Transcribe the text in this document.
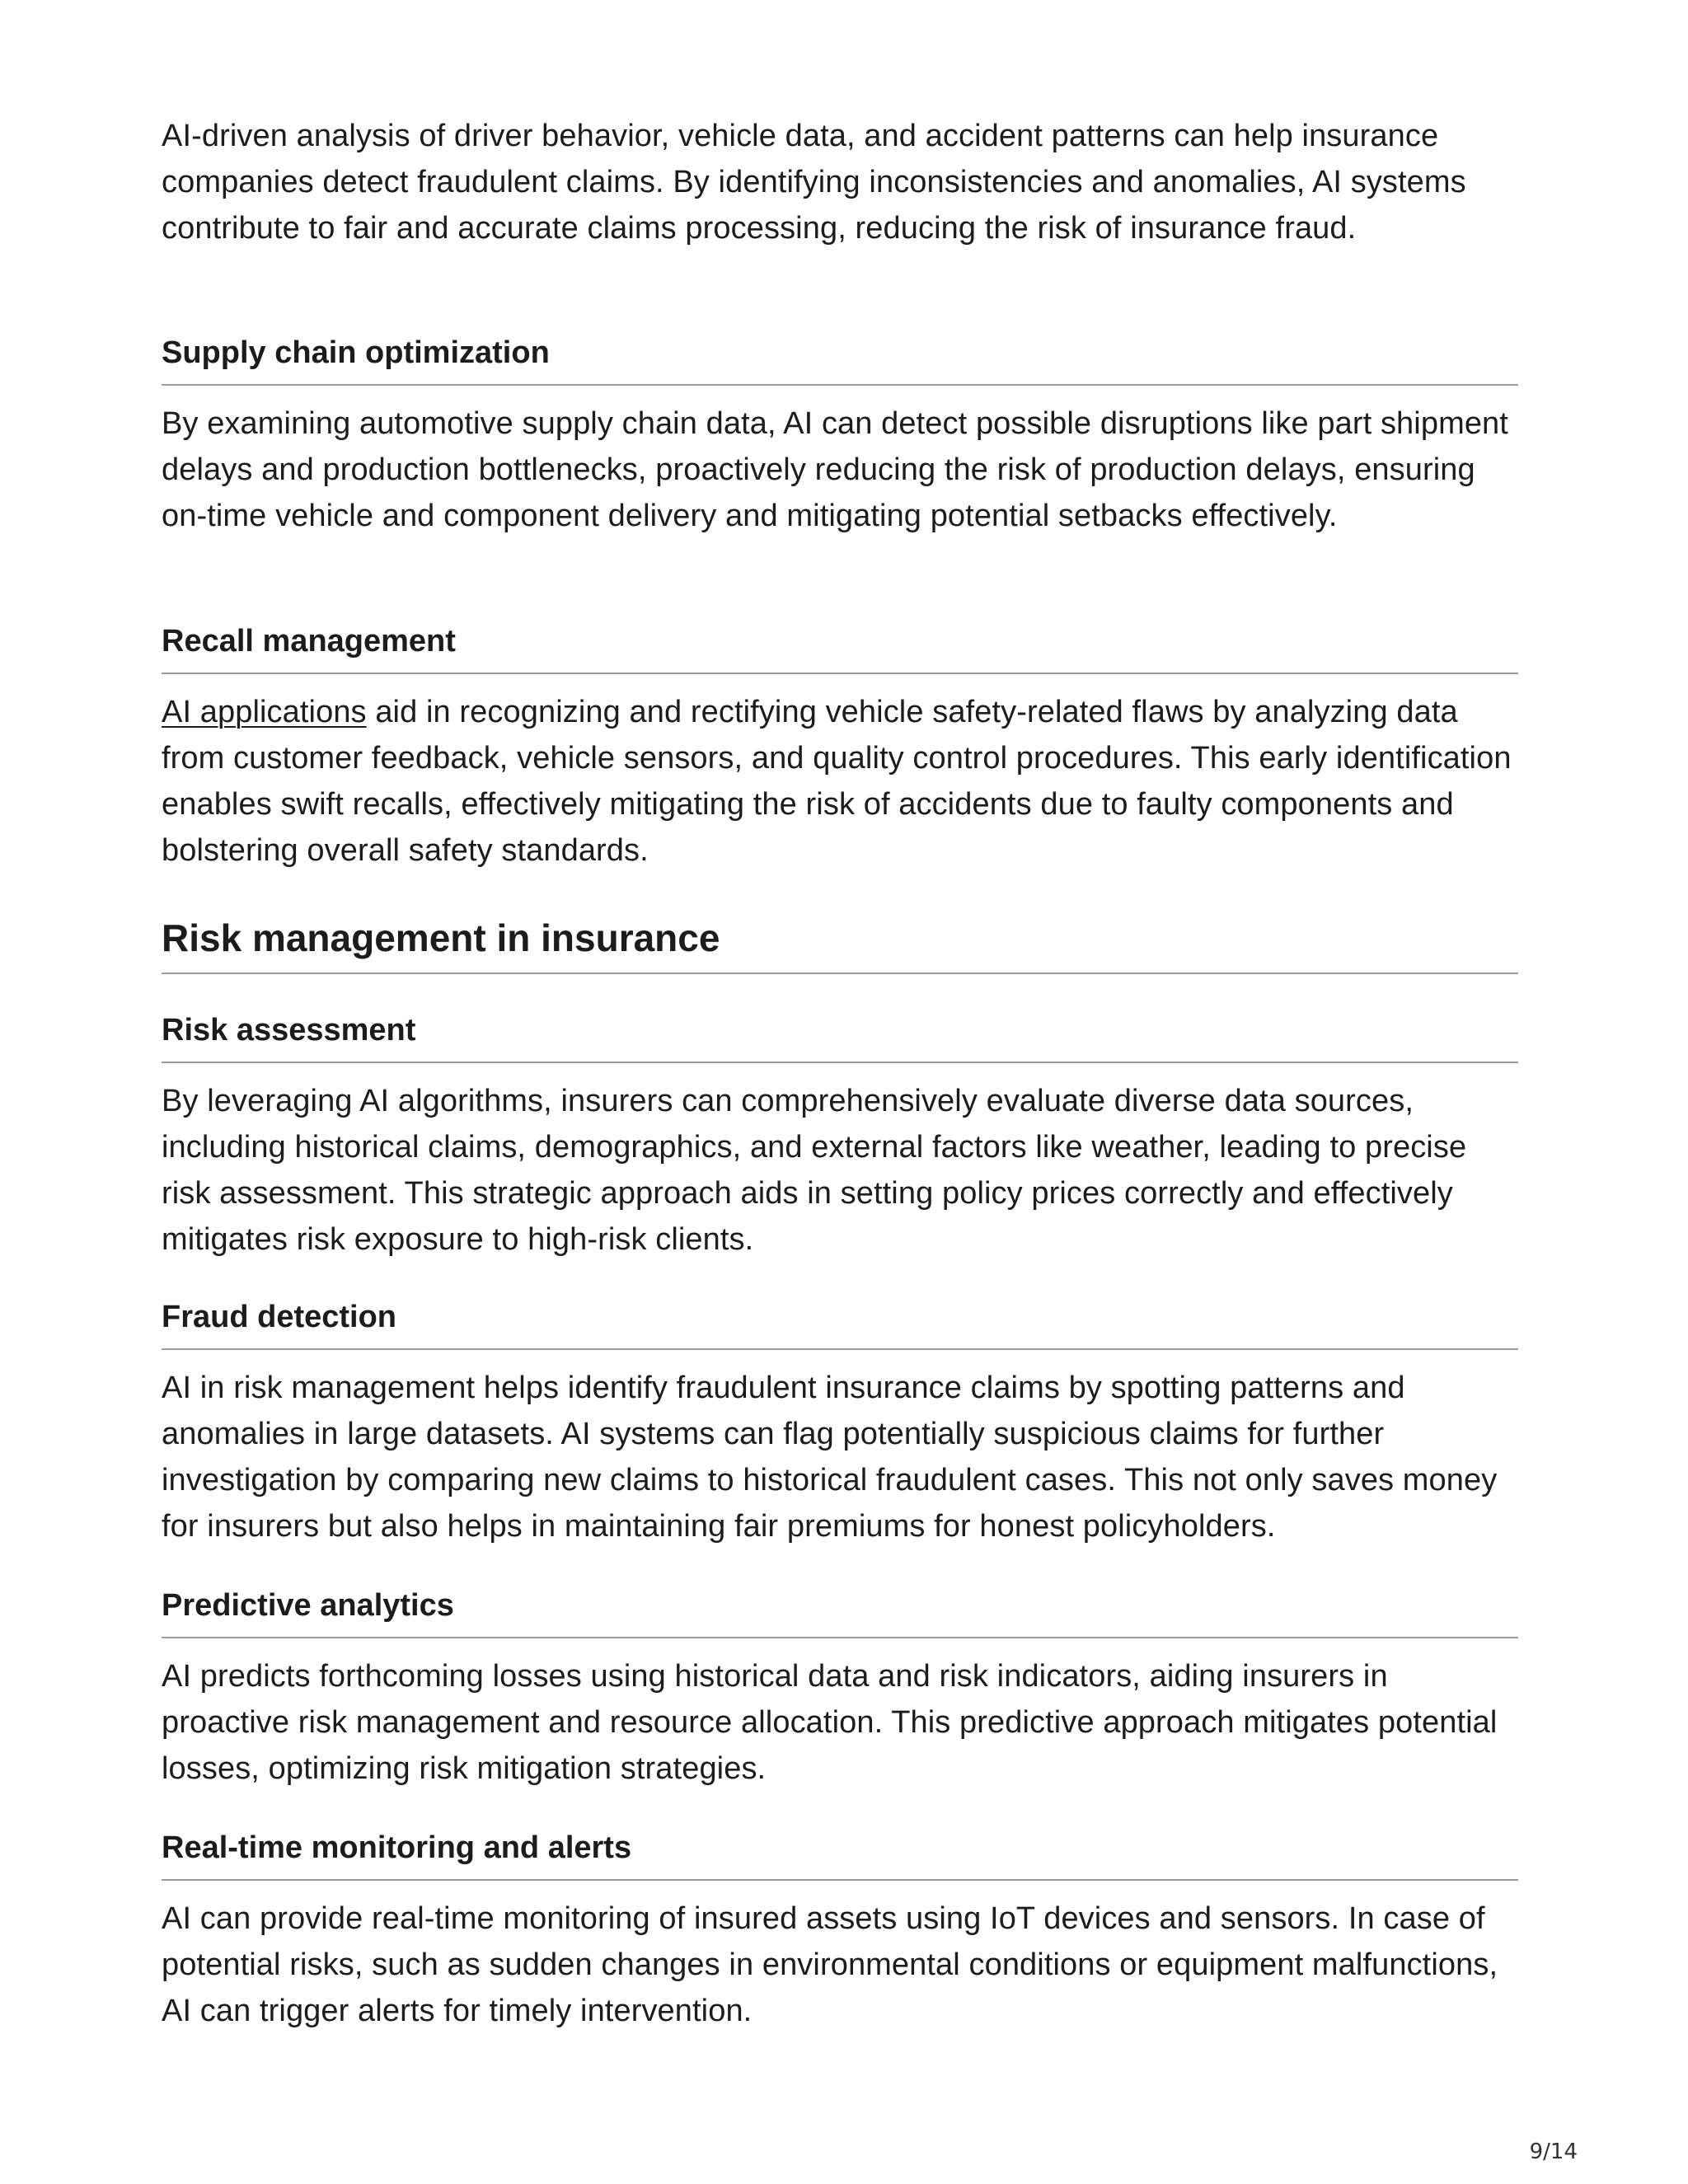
AI-driven analysis of driver behavior, vehicle data, and accident patterns can help insurance companies detect fraudulent claims. By identifying inconsistencies and anomalies, AI systems contribute to fair and accurate claims processing, reducing the risk of insurance fraud.

Supply chain optimization

By examining automotive supply chain data, AI can detect possible disruptions like part shipment delays and production bottlenecks, proactively reducing the risk of production delays, ensuring on-time vehicle and component delivery and mitigating potential setbacks effectively.

Recall management

AI applications aid in recognizing and rectifying vehicle safety-related flaws by analyzing data from customer feedback, vehicle sensors, and quality control procedures. This early identification enables swift recalls, effectively mitigating the risk of accidents due to faulty components and bolstering overall safety standards.

Risk management in insurance
Risk assessment

By leveraging AI algorithms, insurers can comprehensively evaluate diverse data sources, including historical claims, demographics, and external factors like weather, leading to precise risk assessment. This strategic approach aids in setting policy prices correctly and effectively mitigates risk exposure to high-risk clients.

Fraud detection

AI in risk management helps identify fraudulent insurance claims by spotting patterns and anomalies in large datasets. AI systems can flag potentially suspicious claims for further investigation by comparing new claims to historical fraudulent cases. This not only saves money for insurers but also helps in maintaining fair premiums for honest policyholders.

Predictive analytics

AI predicts forthcoming losses using historical data and risk indicators, aiding insurers in proactive risk management and resource allocation. This predictive approach mitigates potential losses, optimizing risk mitigation strategies.

Real-time monitoring and alerts

AI can provide real-time monitoring of insured assets using IoT devices and sensors. In case of potential risks, such as sudden changes in environmental conditions or equipment malfunctions, AI can trigger alerts for timely intervention.

9/14
